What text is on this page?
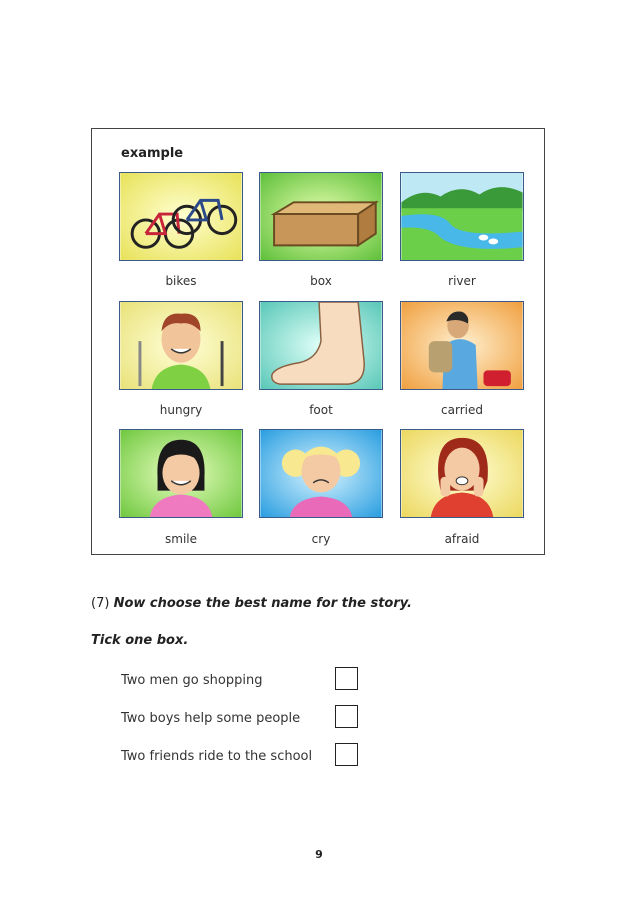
example
bikes	box	river
hungry	foot	carried
smile	cry	afraid
(7) Now choose the best name for the story.
Tick one box.
Two men go shopping
Two boys help some people
Two friends ride to the school
9
